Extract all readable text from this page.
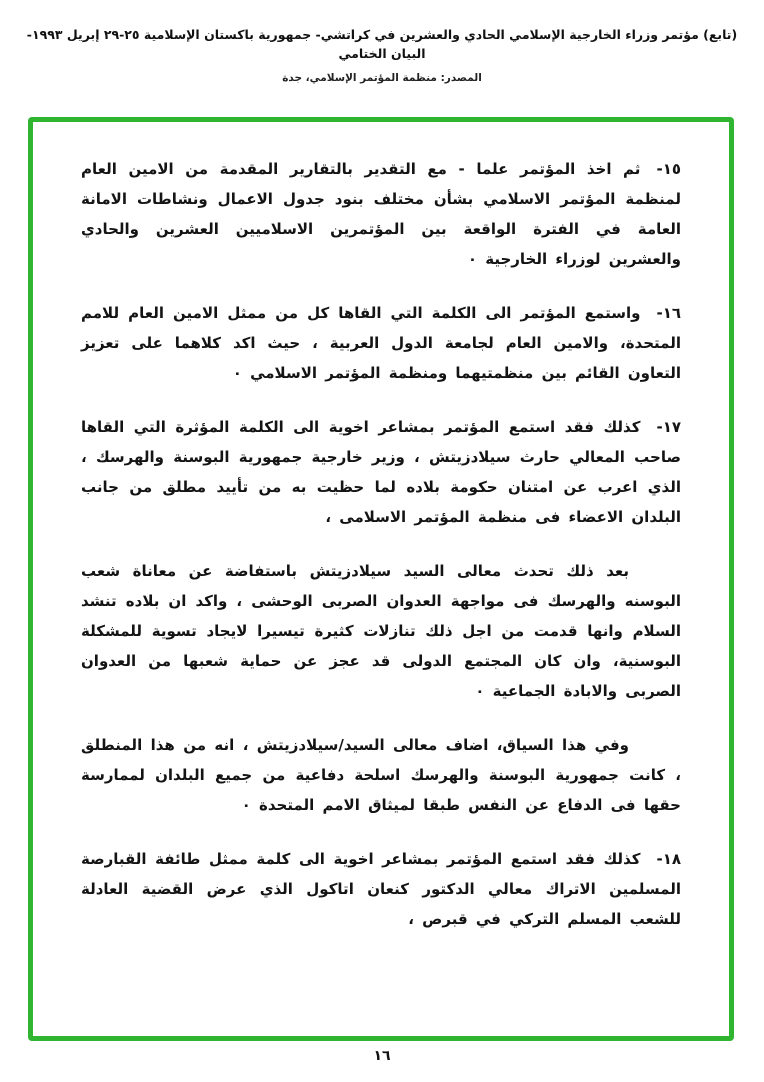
(تابع) مؤتمر وزراء الخارجية الإسلامي الحادي والعشرين في كراتشي- جمهورية باكستان الإسلامية ٢٥-٢٩ إبريل ١٩٩٣- البيان الختامي
المصدر: منظمة المؤتمر الإسلامي، جدة
١٥-ثم اخذ المؤتمر علما - مع التقدير بالتقارير المقدمة من الامين العام لمنظمة المؤتمر الاسلامي بشأن مختلف بنود جدول الاعمال ونشاطات الامانة العامة في الفترة الواقعة بين المؤتمرين الاسلاميين العشرين والحادي والعشرين لوزراء الخارجية ٠
١٦-واستمع المؤتمر الى الكلمة التي القاها كل من ممثل الامين العام للامم المتحدة، والامين العام لجامعة الدول العربية ، حيث اكد كلاهما على تعزيز التعاون القائم بين منظمتيهما ومنظمة المؤتمر الاسلامي ٠
١٧-كذلك فقد استمع المؤتمر بمشاعر اخوية الى الكلمة المؤثرة التي القاها صاحب المعالي حارث سيلادزيتش ، وزير خارجية جمهورية البوسنة والهرسك ، الذي اعرب عن امتنان حكومة بلاده لما حظيت به من تأييد مطلق من جانب البلدان الاعضاء فى منظمة المؤتمر الاسلامى ،
بعد ذلك تحدث معالى السيد سيلادزيتش باستفاضة عن معاناة شعب البوسنه والهرسك فى مواجهة العدوان الصربى الوحشى ، واكد ان بلاده تنشد السلام وانها قدمت من اجل ذلك تنازلات كثيرة تيسيرا لايجاد تسوية للمشكلة البوسنية، وان كان المجتمع الدولى قد عجز عن حماية شعبها من العدوان الصربى والابادة الجماعية ٠
وفي هذا السياق، اضاف معالى السيد/سيلادزيتش ، انه من هذا المنطلق ، كانت جمهورية البوسنة والهرسك اسلحة دفاعية من جميع البلدان لممارسة حقها فى الدفاع عن النفس طبقا لميثاق الامم المتحدة ٠
١٨-كذلك فقد استمع المؤتمر بمشاعر اخوية الى كلمة ممثل طائفة القبارصة المسلمين الاتراك معالي الدكتور كنعان اتاكول الذي عرض القضية العادلة للشعب المسلم التركي في قبرص ،
١٦
